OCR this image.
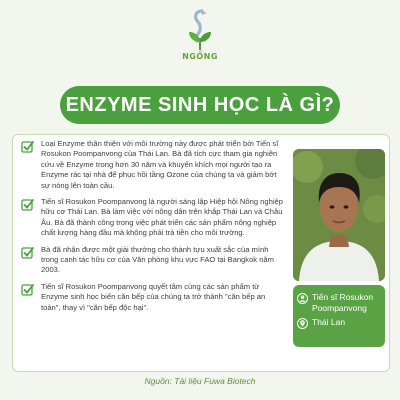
NGỐNG
ENZYME SINH HỌC LÀ GÌ?
Loại Enzyme thân thiện với môi trường này được phát triển bởi Tiến sĩ Rosukon Poompanvong của Thái Lan. Bà đã tích cực tham gia nghiên cứu về Enzyme trong hơn 30 năm và khuyến khích mọi người tạo ra Enzyme rác tại nhà để phục hồi tầng Ozone của chúng ta và giảm bớt sự nóng lên toàn cầu.
Tiến sĩ Rosukon Poompanvong là người sáng lập Hiệp hội Nông nghiệp hữu cơ Thái Lan. Bà làm việc với nông dân trên khắp Thái Lan và Châu Âu. Bà đã thành công trong việc phát triển các sản phẩm nông nghiệp chất lượng hàng đầu mà không phải trả tiền cho môi trường.
Bà đã nhận được một giải thưởng cho thành tựu xuất sắc của mình trong canh tác hữu cơ của Văn phòng khu vực FAO tại Bangkok năm 2003.
Tiến sĩ Rosukon Poompanvong quyết tâm cùng các sản phẩm từ Enzyme sinh học biến căn bếp của chúng ta trở thành "căn bếp an toàn", thay vì "căn bếp độc hại".
Tiến sĩ Rosukon Poompanvong
Thái Lan
Nguồn: Tài liệu Fuwa Biotech
